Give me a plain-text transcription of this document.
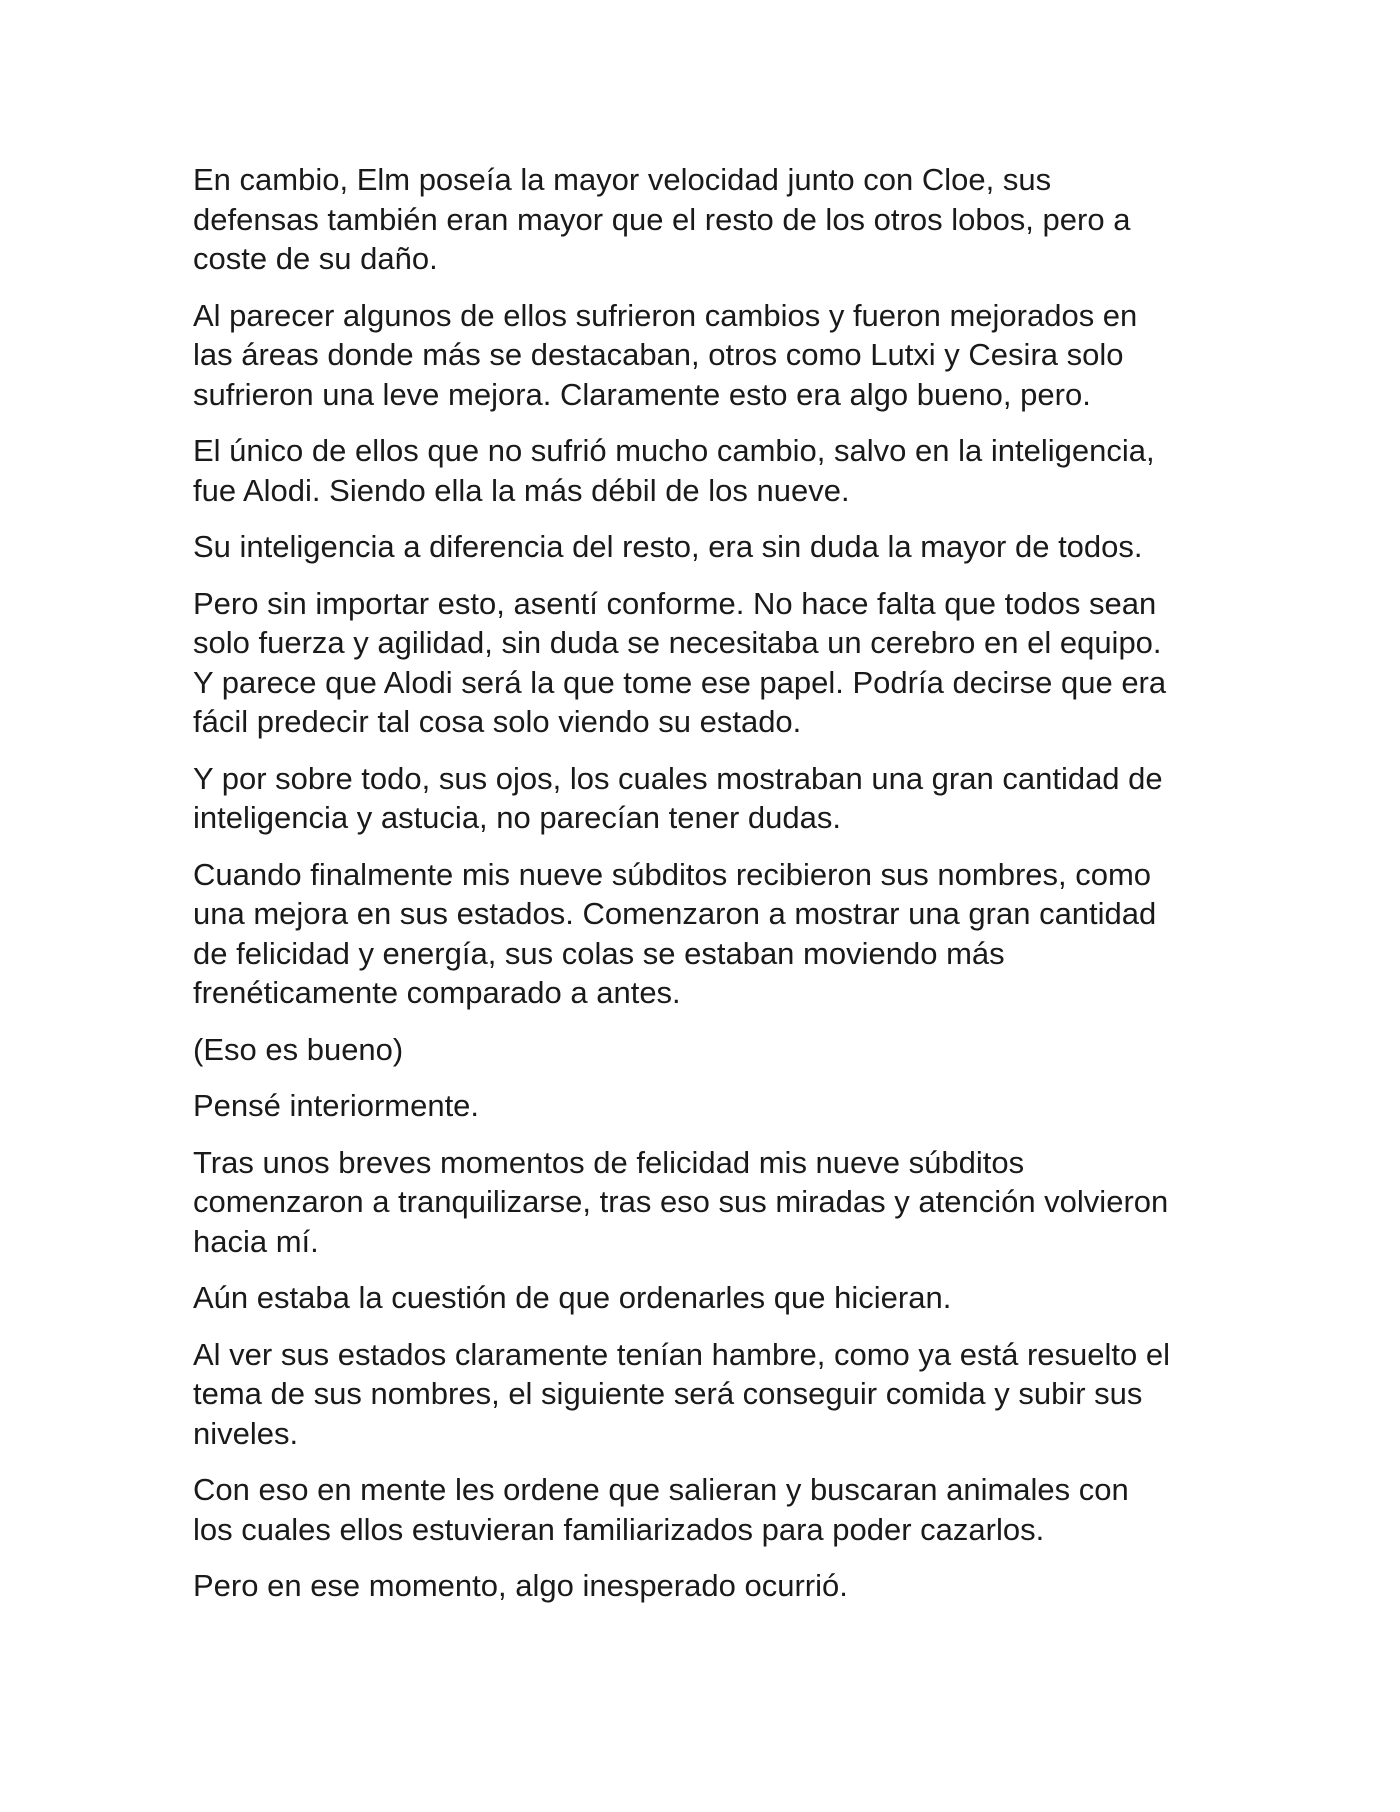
En cambio, Elm poseía la mayor velocidad junto con Cloe, sus
defensas también eran mayor que el resto de los otros lobos, pero a
coste de su daño.

Al parecer algunos de ellos sufrieron cambios y fueron mejorados en
las áreas donde más se destacaban, otros como Lutxi y Cesira solo
sufrieron una leve mejora. Claramente esto era algo bueno, pero.

El único de ellos que no sufrió mucho cambio, salvo en la inteligencia,
fue Alodi. Siendo ella la más débil de los nueve.

Su inteligencia a diferencia del resto, era sin duda la mayor de todos.

Pero sin importar esto, asentí conforme. No hace falta que todos sean
solo fuerza y agilidad, sin duda se necesitaba un cerebro en el equipo.
Y parece que Alodi será la que tome ese papel. Podría decirse que era
fácil predecir tal cosa solo viendo su estado.

Y por sobre todo, sus ojos, los cuales mostraban una gran cantidad de
inteligencia y astucia, no parecían tener dudas.

Cuando finalmente mis nueve súbditos recibieron sus nombres, como
una mejora en sus estados. Comenzaron a mostrar una gran cantidad
de felicidad y energía, sus colas se estaban moviendo más
frenéticamente comparado a antes.

(Eso es bueno)

Pensé interiormente.

Tras unos breves momentos de felicidad mis nueve súbditos
comenzaron a tranquilizarse, tras eso sus miradas y atención volvieron
hacia mí.

Aún estaba la cuestión de que ordenarles que hicieran.

Al ver sus estados claramente tenían hambre, como ya está resuelto el
tema de sus nombres, el siguiente será conseguir comida y subir sus
niveles.

Con eso en mente les ordene que salieran y buscaran animales con
los cuales ellos estuvieran familiarizados para poder cazarlos.

Pero en ese momento, algo inesperado ocurrió.
